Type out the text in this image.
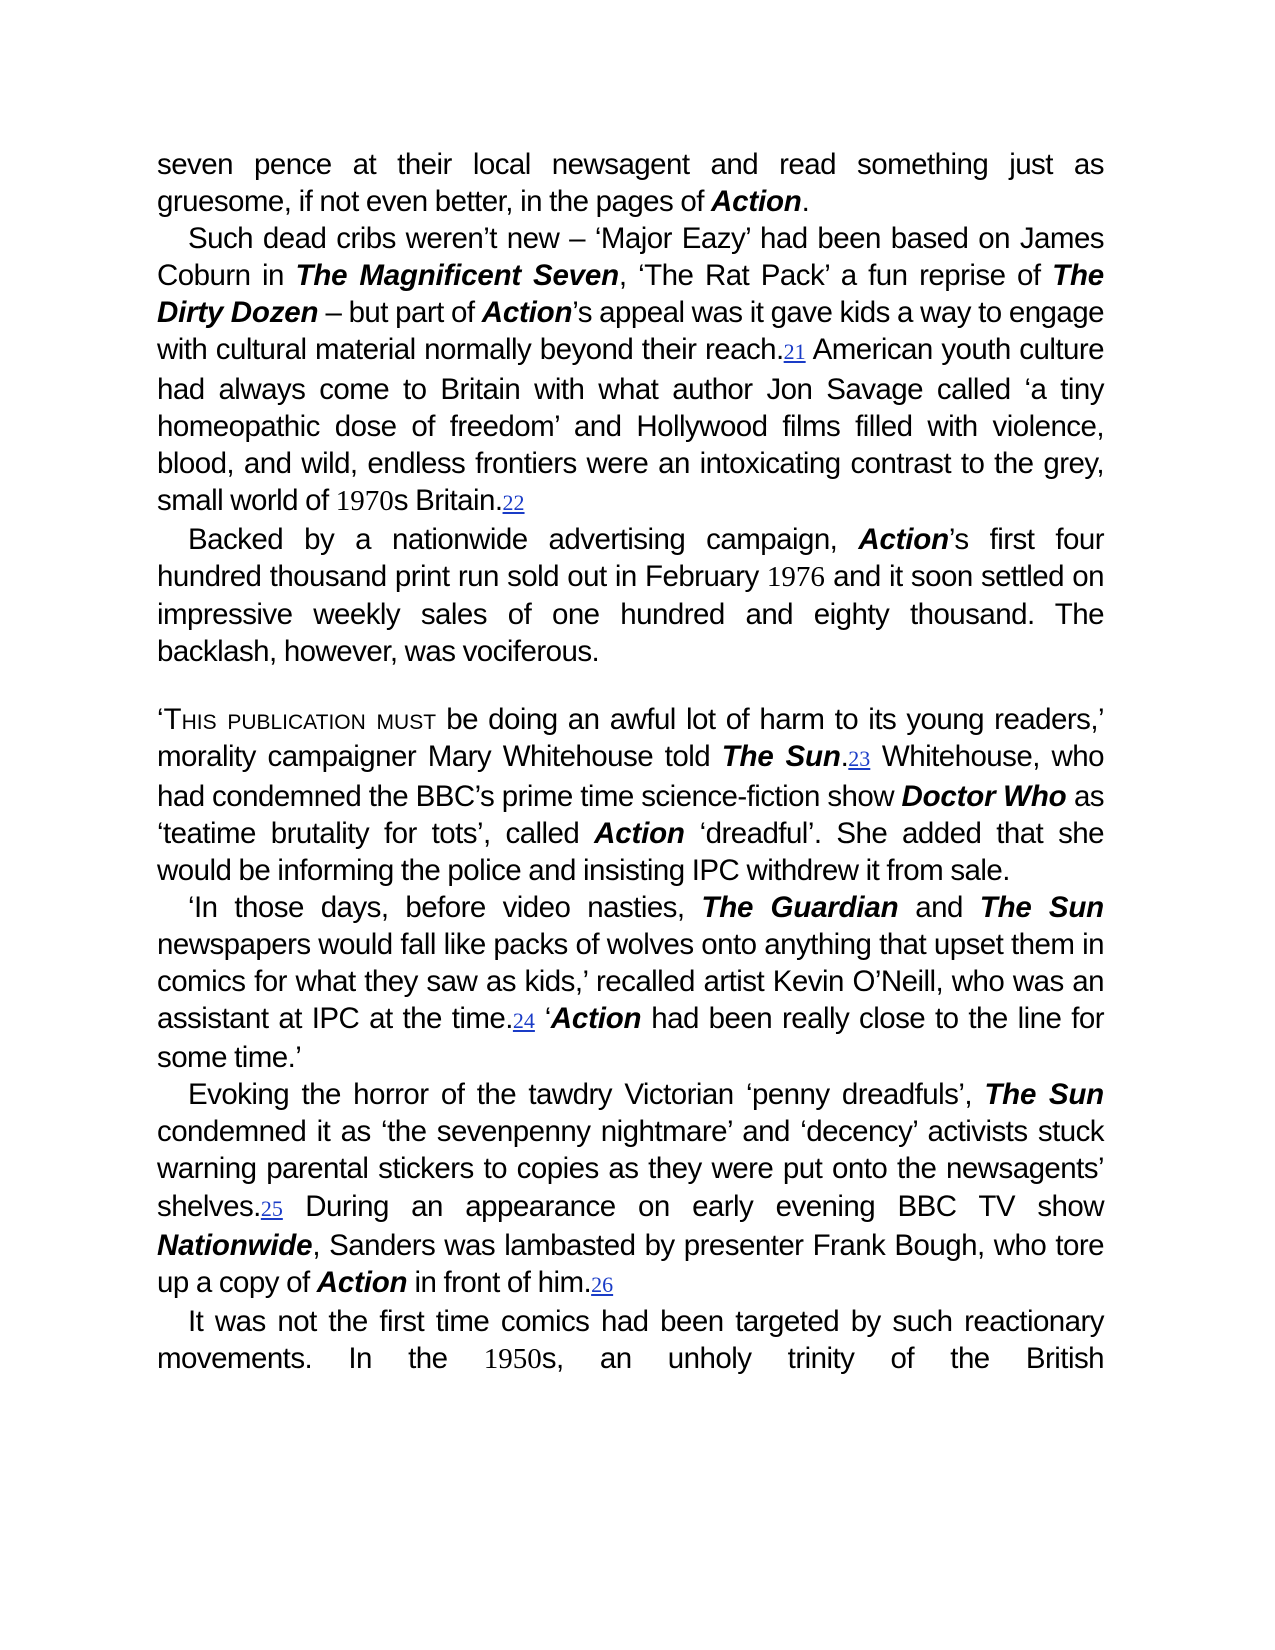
seven pence at their local newsagent and read something just as gruesome, if not even better, in the pages of Action.

Such dead cribs weren’t new – ‘Major Eazy’ had been based on James Coburn in The Magnificent Seven, ‘The Rat Pack’ a fun reprise of The Dirty Dozen – but part of Action’s appeal was it gave kids a way to engage with cultural material normally beyond their reach.21 American youth culture had always come to Britain with what author Jon Savage called ‘a tiny homeopathic dose of freedom’ and Hollywood films filled with violence, blood, and wild, endless frontiers were an intoxicating contrast to the grey, small world of 1970s Britain.22

Backed by a nationwide advertising campaign, Action’s first four hundred thousand print run sold out in February 1976 and it soon settled on impressive weekly sales of one hundred and eighty thousand. The backlash, however, was vociferous.

‘This publication must be doing an awful lot of harm to its young readers,’ morality campaigner Mary Whitehouse told The Sun.23 Whitehouse, who had condemned the BBC’s prime time science-fiction show Doctor Who as ‘teatime brutality for tots’, called Action ‘dreadful’. She added that she would be informing the police and insisting IPC withdrew it from sale.

‘In those days, before video nasties, The Guardian and The Sun newspapers would fall like packs of wolves onto anything that upset them in comics for what they saw as kids,’ recalled artist Kevin O’Neill, who was an assistant at IPC at the time.24 ‘Action had been really close to the line for some time.’

Evoking the horror of the tawdry Victorian ‘penny dreadfuls’, The Sun condemned it as ‘the sevenpenny nightmare’ and ‘decency’ activists stuck warning parental stickers to copies as they were put onto the newsagents’ shelves.25 During an appearance on early evening BBC TV show Nationwide, Sanders was lambasted by presenter Frank Bough, who tore up a copy of Action in front of him.26

It was not the first time comics had been targeted by such reactionary movements. In the 1950s, an unholy trinity of the British
